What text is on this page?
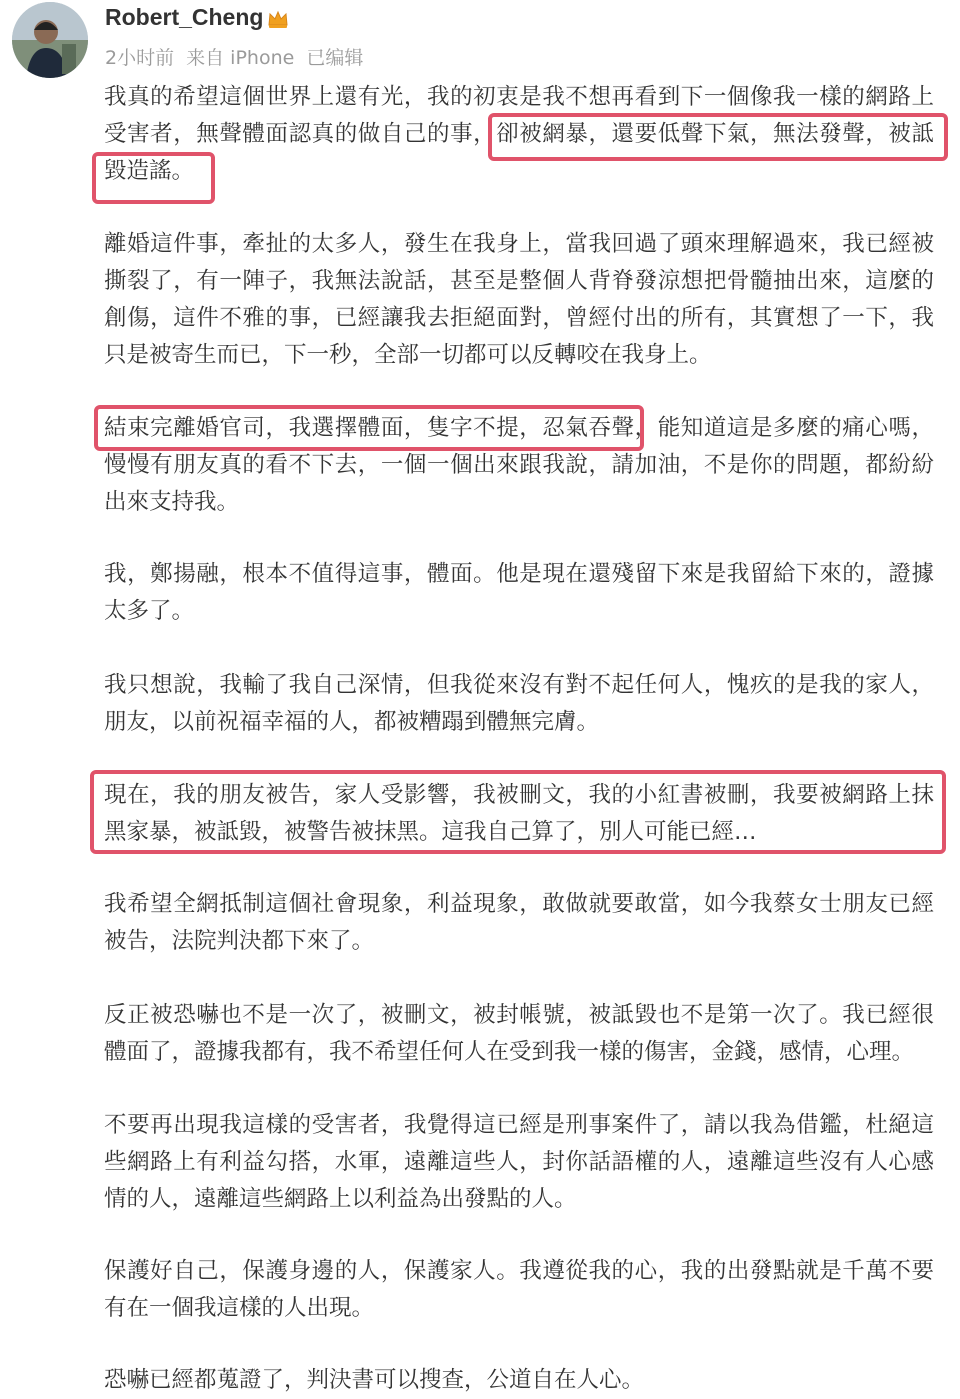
Robert_Cheng
2小时前 来自 iPhone 已编辑

我真的希望這個世界上還有光，我的初衷是我不想再看到下一個像我一樣的網路上受害者，無聲體面認真的做自己的事，卻被網暴，還要低聲下氣，無法發聲，被詆毀造謠。

離婚這件事，牽扯的太多人，發生在我身上，當我回過了頭來理解過來，我已經被撕裂了，有一陣子，我無法說話，甚至是整個人背脊發涼想把骨髓抽出來，這麼的創傷，這件不雅的事，已經讓我去拒絕面對，曾經付出的所有，其實想了一下，我只是被寄生而已，下一秒，全部一切都可以反轉咬在我身上。

結束完離婚官司，我選擇體面，隻字不提，忍氣吞聲，能知道這是多麼的痛心嗎，慢慢有朋友真的看不下去，一個一個出來跟我說，請加油，不是你的問題，都紛紛出來支持我。

我，鄭揚融，根本不值得這事，體面。他是現在還殘留下來是我留給下來的，證據太多了。

我只想說，我輸了我自己深情，但我從來沒有對不起任何人，愧疚的是我的家人，朋友，以前祝福幸福的人，都被糟蹋到體無完膚。

現在，我的朋友被告，家人受影響，我被刪文，我的小紅書被刪，我要被網路上抹黑家暴，被詆毀，被警告被抹黑。這我自己算了，別人可能已經…

我希望全網抵制這個社會現象，利益現象，敢做就要敢當，如今我蔡女士朋友已經被告，法院判決都下來了。

反正被恐嚇也不是一次了，被刪文，被封帳號，被詆毀也不是第一次了。我已經很體面了，證據我都有，我不希望任何人在受到我一樣的傷害，金錢，感情，心理。

不要再出現我這樣的受害者，我覺得這已經是刑事案件了，請以我為借鑑，杜絕這些網路上有利益勾搭，水軍，遠離這些人，封你話語權的人，遠離這些沒有人心感情的人，遠離這些網路上以利益為出發點的人。

保護好自己，保護身邊的人，保護家人。我遵從我的心，我的出發點就是千萬不要有在一個我這樣的人出現。

恐嚇已經都蒐證了，判決書可以搜查，公道自在人心。
